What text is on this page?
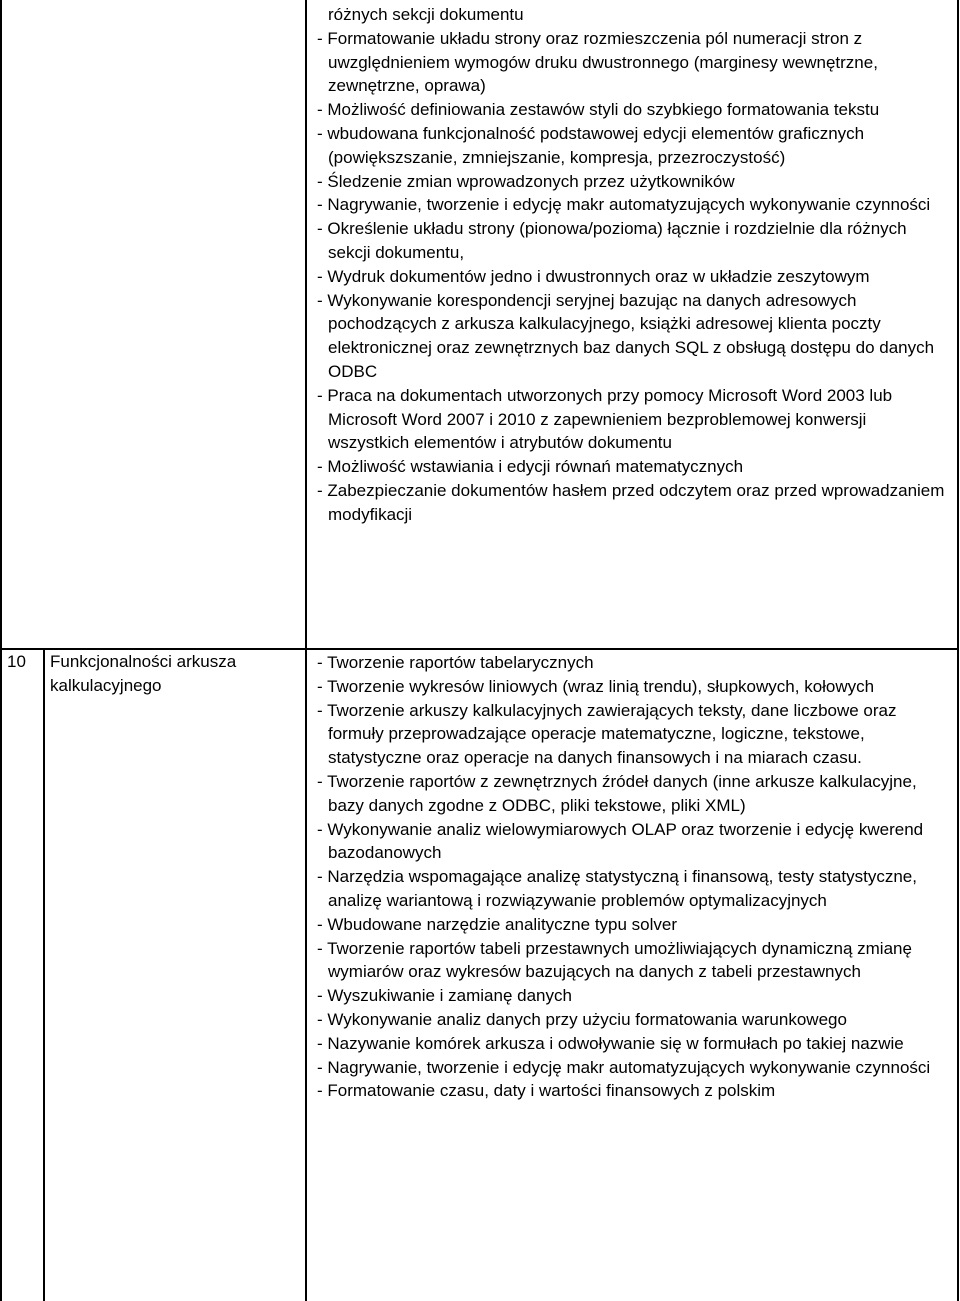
różnych sekcji dokumentu
- Formatowanie układu strony oraz rozmieszczenia pól numeracji stron z uwzględnieniem wymogów druku dwustronnego (marginesy wewnętrzne, zewnętrzne, oprawa)
- Możliwość definiowania zestawów styli do szybkiego formatowania tekstu
- wbudowana funkcjonalność podstawowej edycji elementów graficznych (powiększszanie, zmniejszanie, kompresja, przezroczystość)
- Śledzenie zmian wprowadzonych przez użytkowników
- Nagrywanie, tworzenie i edycję makr automatyzujących wykonywanie czynności
- Określenie układu strony (pionowa/pozioma) łącznie i rozdzielnie dla różnych sekcji dokumentu,
- Wydruk dokumentów jedno i dwustronnych oraz w układzie zeszytowym
- Wykonywanie korespondencji seryjnej bazując na danych adresowych pochodzących z arkusza kalkulacyjnego, książki adresowej klienta poczty elektronicznej oraz zewnętrznych baz danych SQL z obsługą dostępu do danych ODBC
- Praca na dokumentach utworzonych przy pomocy Microsoft Word 2003 lub Microsoft Word 2007 i 2010 z zapewnieniem bezproblemowej konwersji wszystkich elementów i atrybutów dokumentu
- Możliwość wstawiania i edycji równań matematycznych
- Zabezpieczanie dokumentów hasłem przed odczytem oraz przed wprowadzaniem modyfikacji
10 Funkcjonalności arkusza kalkulacyjnego
- Tworzenie raportów tabelarycznych
- Tworzenie wykresów liniowych (wraz linią trendu), słupkowych, kołowych
- Tworzenie arkuszy kalkulacyjnych zawierających teksty, dane liczbowe oraz formuły przeprowadzające operacje matematyczne, logiczne, tekstowe, statystyczne oraz operacje na danych finansowych i na miarach czasu.
- Tworzenie raportów z zewnętrznych źródeł danych (inne arkusze kalkulacyjne, bazy danych zgodne z ODBC, pliki tekstowe, pliki XML)
- Wykonywanie analiz wielowymiarowych OLAP oraz tworzenie i edycję kwerend bazodanowych
- Narzędzia wspomagające analizę statystyczną i finansową, testy statystyczne, analizę wariantową i rozwiązywanie problemów optymalizacyjnych
- Wbudowane narzędzie analityczne typu solver
- Tworzenie raportów tabeli przestawnych umożliwiających dynamiczną zmianę wymiarów oraz wykresów bazujących na danych z tabeli przestawnych
- Wyszukiwanie i zamianę danych
- Wykonywanie analiz danych przy użyciu formatowania warunkowego
- Nazywanie komórek arkusza i odwoływanie się w formułach po takiej nazwie
- Nagrywanie, tworzenie i edycję makr automatyzujących wykonywanie czynności
- Formatowanie czasu, daty i wartości finansowych z polskim
